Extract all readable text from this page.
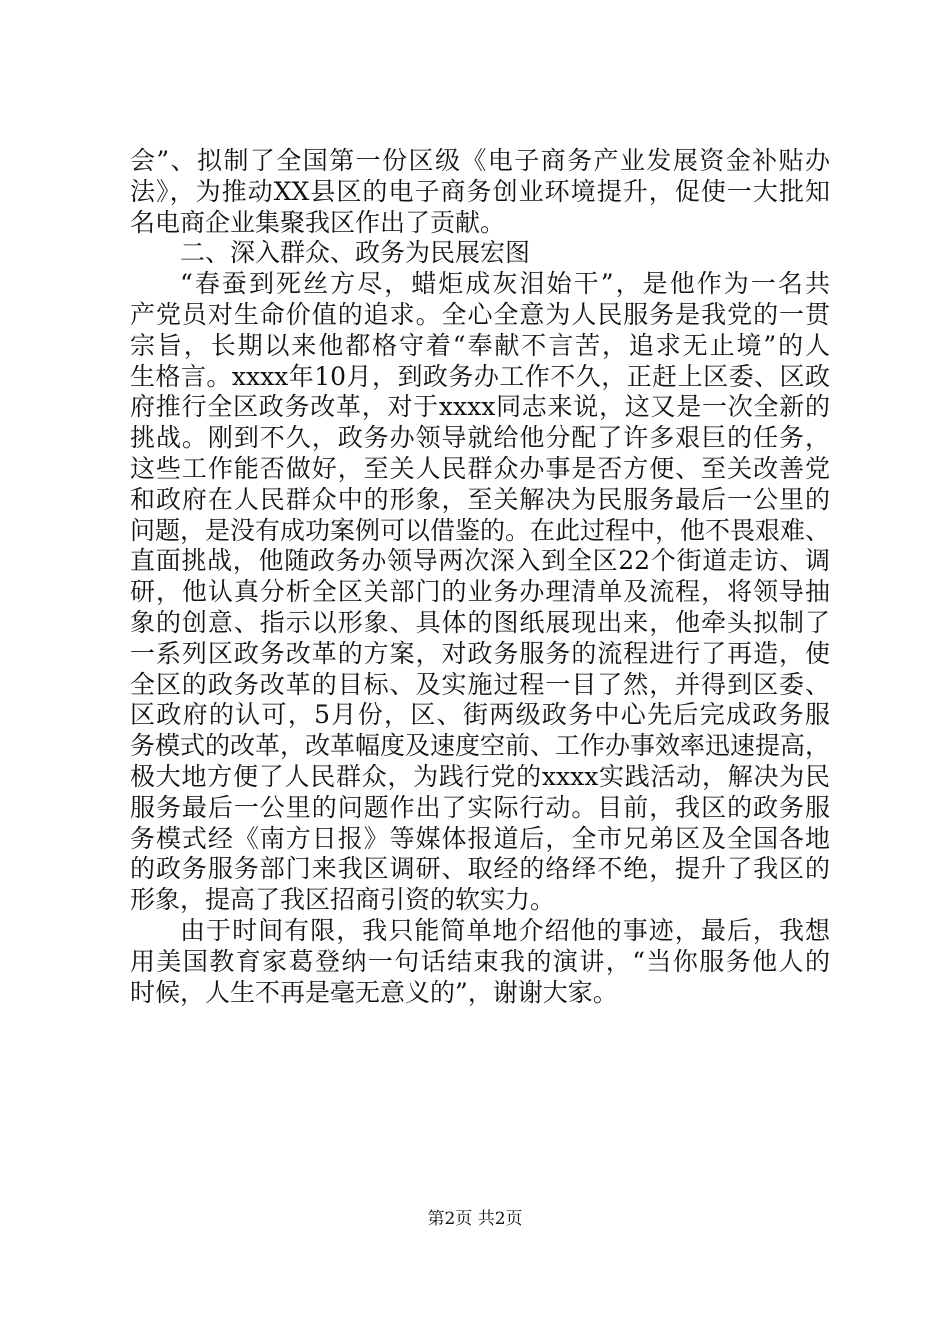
会”、拟制了全国第一份区级《电子商务产业发展资金补贴办
法》，为推动XX县区的电子商务创业环境提升，促使一大批知
名电商企业集聚我区作出了贡献。
二、深入群众、政务为民展宏图
“春蚕到死丝方尽，蜡炬成灰泪始干”，是他作为一名共
产党员对生命价值的追求。全心全意为人民服务是我党的一贯
宗旨，长期以来他都格守着“奉献不言苦，追求无止境”的人
生格言。xxxx年10月，到政务办工作不久，正赶上区委、区政
府推行全区政务改革，对于xxxx同志来说，这又是一次全新的
挑战。刚到不久，政务办领导就给他分配了许多艰巨的任务，
这些工作能否做好，至关人民群众办事是否方便、至关改善党
和政府在人民群众中的形象，至关解决为民服务最后一公里的
问题，是没有成功案例可以借鉴的。在此过程中，他不畏艰难、
直面挑战，他随政务办领导两次深入到全区22个街道走访、调
研，他认真分析全区关部门的业务办理清单及流程，将领导抽
象的创意、指示以形象、具体的图纸展现出来，他牵头拟制了
一系列区政务改革的方案，对政务服务的流程进行了再造，使
全区的政务改革的目标、及实施过程一目了然，并得到区委、
区政府的认可，5月份，区、街两级政务中心先后完成政务服
务模式的改革，改革幅度及速度空前、工作办事效率迅速提高，
极大地方便了人民群众，为践行党的xxxx实践活动，解决为民
服务最后一公里的问题作出了实际行动。目前，我区的政务服
务模式经《南方日报》等媒体报道后，全市兄弟区及全国各地
的政务服务部门来我区调研、取经的络绎不绝，提升了我区的
形象，提高了我区招商引资的软实力。
由于时间有限，我只能简单地介绍他的事迹，最后，我想
用美国教育家葛登纳一句话结束我的演讲，“当你服务他人的
时候，人生不再是毫无意义的”，谢谢大家。
第2页 共2页
